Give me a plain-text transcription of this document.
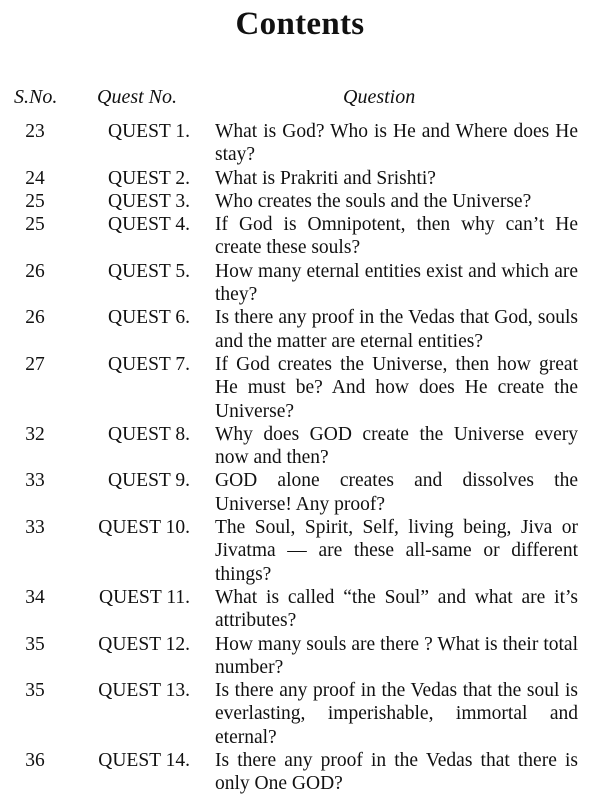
Contents
S.No. Quest No.	Question
23	QUEST 1. What is God? Who is He and Where does He stay?
24	QUEST 2. What is Prakriti and Srishti?
25	QUEST 3. Who creates the souls and the Universe?
25	QUEST 4. If God is Omnipotent, then why can’t He create these souls?
26	QUEST 5. How many eternal entities exist and which are they?
26	QUEST 6. Is there any proof in the Vedas that God, souls and the matter are eternal entities?
27	QUEST 7. If God creates the Universe, then how great He must be? And how does He create the Universe?
32	QUEST 8. Why does GOD create the Universe every now and then?
33	QUEST 9. GOD alone creates and dissolves the Universe! Any proof?
33	QUEST 10. The Soul, Spirit, Self, living being, Jiva or Jivatma — are these all-same or different things?
34	QUEST 11. What is called “the Soul” and what are it’s attributes?
35	QUEST 12. How many souls are there ? What is their total number?
35	QUEST 13. Is there any proof in the Vedas that the soul is everlasting, imperishable, immortal and eternal?
36	QUEST 14. Is there any proof in the Vedas that there is only One GOD?
